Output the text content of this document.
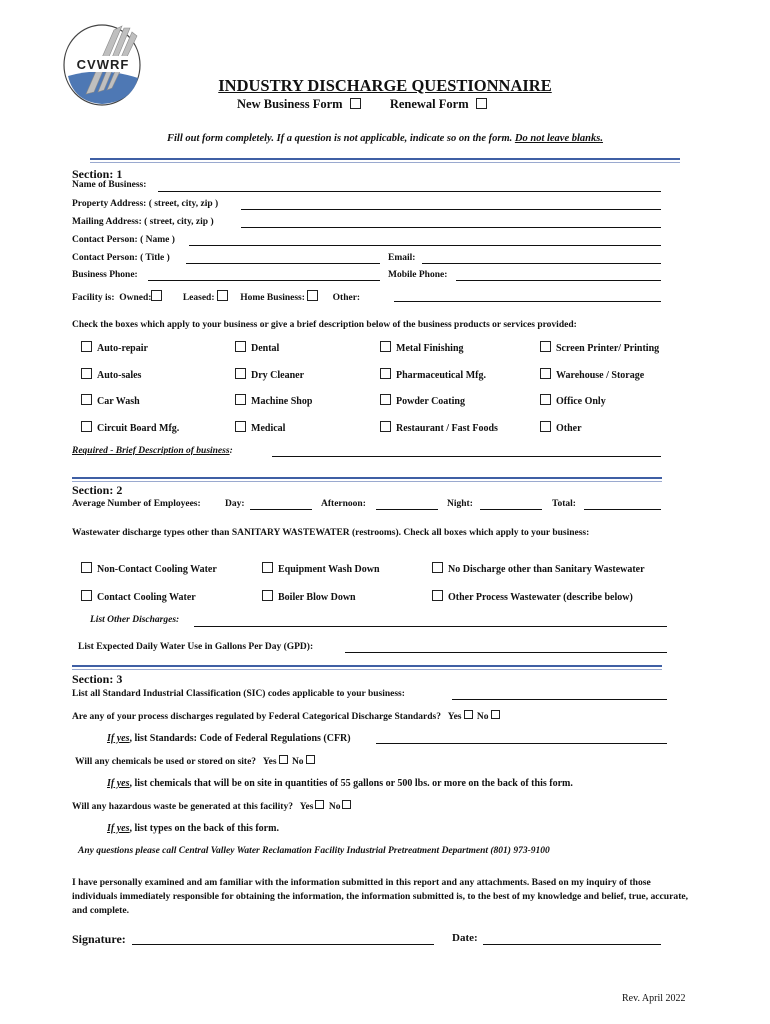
CVWRF
INDUSTRY DISCHARGE QUESTIONNAIRE
New Business Form	Renewal Form
Fill out form completely. If a question is not applicable, indicate so on the form. Do not leave blanks.
Section: 1
Name of Business:
Property Address: ( street, city, zip )
Mailing Address: ( street, city, zip )
Contact Person: ( Name )
Contact Person: ( Title )	Email:
Business Phone:	Mobile Phone:
Facility is: Owned:	Leased:	Home Business:	Other:
Check the boxes which apply to your business or give a brief description below of the business products or services provided:
Auto-repair	Dental	Metal Finishing	Screen Printer/ Printing
Auto-sales	Dry Cleaner	Pharmaceutical Mfg.	Warehouse / Storage
Car Wash	Machine Shop	Powder Coating	Office Only
Circuit Board Mfg.	Medical	Restaurant / Fast Foods	Other
Required - Brief Description of business:
Section: 2
Average Number of Employees:	Day:	Afternoon:	Night:	Total:
Wastewater discharge types other than SANITARY WASTEWATER (restrooms). Check all boxes which apply to your business:
Non-Contact Cooling Water	Equipment Wash Down	No Discharge other than Sanitary Wastewater
Contact Cooling Water	Boiler Blow Down	Other Process Wastewater (describe below)
List Other Discharges:
List Expected Daily Water Use in Gallons Per Day (GPD):
Section: 3
List all Standard Industrial Classification (SIC) codes applicable to your business:
Are any of your process discharges regulated by Federal Categorical Discharge Standards? Yes No
If yes, list Standards: Code of Federal Regulations (CFR)
Will any chemicals be used or stored on site? Yes No
If yes, list chemicals that will be on site in quantities of 55 gallons or 500 lbs. or more on the back of this form.
Will any hazardous waste be generated at this facility? Yes No
If yes, list types on the back of this form.
Any questions please call Central Valley Water Reclamation Facility Industrial Pretreatment Department (801) 973-9100
I have personally examined and am familiar with the information submitted in this report and any attachments. Based on my inquiry of those individuals immediately responsible for obtaining the information, the information submitted is, to the best of my knowledge and belief, true, accurate, and complete.
Signature:	Date:
Rev. April 2022
